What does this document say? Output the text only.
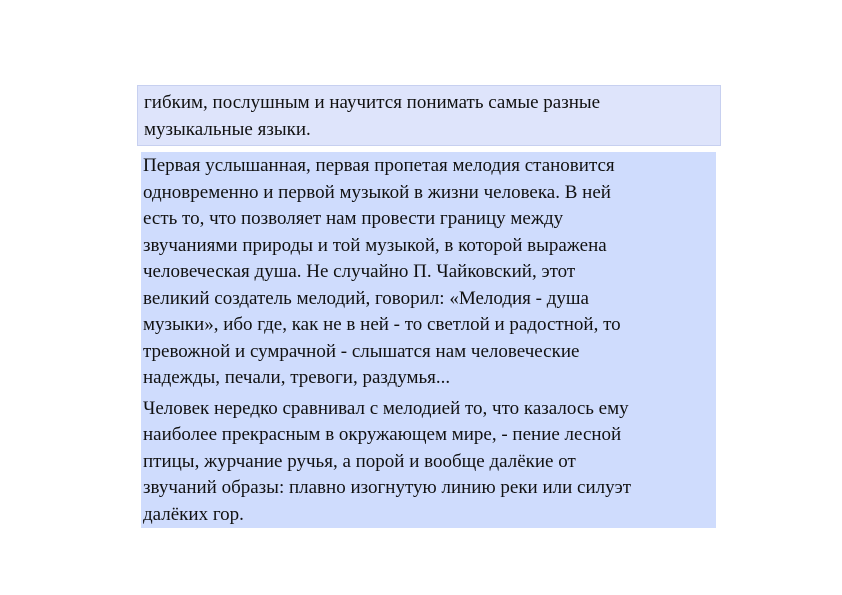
гибким, послушным и научится понимать самые разные
музыкальные языки.

Первая услышанная, первая пропетая мелодия становится
одновременно и первой музыкой в жизни человека. В ней
есть то, что позволяет нам провести границу между
звучаниями природы и той музыкой, в которой выражена
человеческая душа. Не случайно П. Чайковский, этот
великий создатель мелодий, говорил: «Мелодия - душа
музыки», ибо где, как не в ней - то светлой и радостной, то
тревожной и сумрачной - слышатся нам человеческие
надежды, печали, тревоги, раздумья...

Человек нередко сравнивал с мелодией то, что казалось ему
наиболее прекрасным в окружающем мире, - пение лесной
птицы, журчание ручья, а порой и вообще далёкие от
звучаний образы: плавно изогнутую линию реки или силуэт
далёких гор.
